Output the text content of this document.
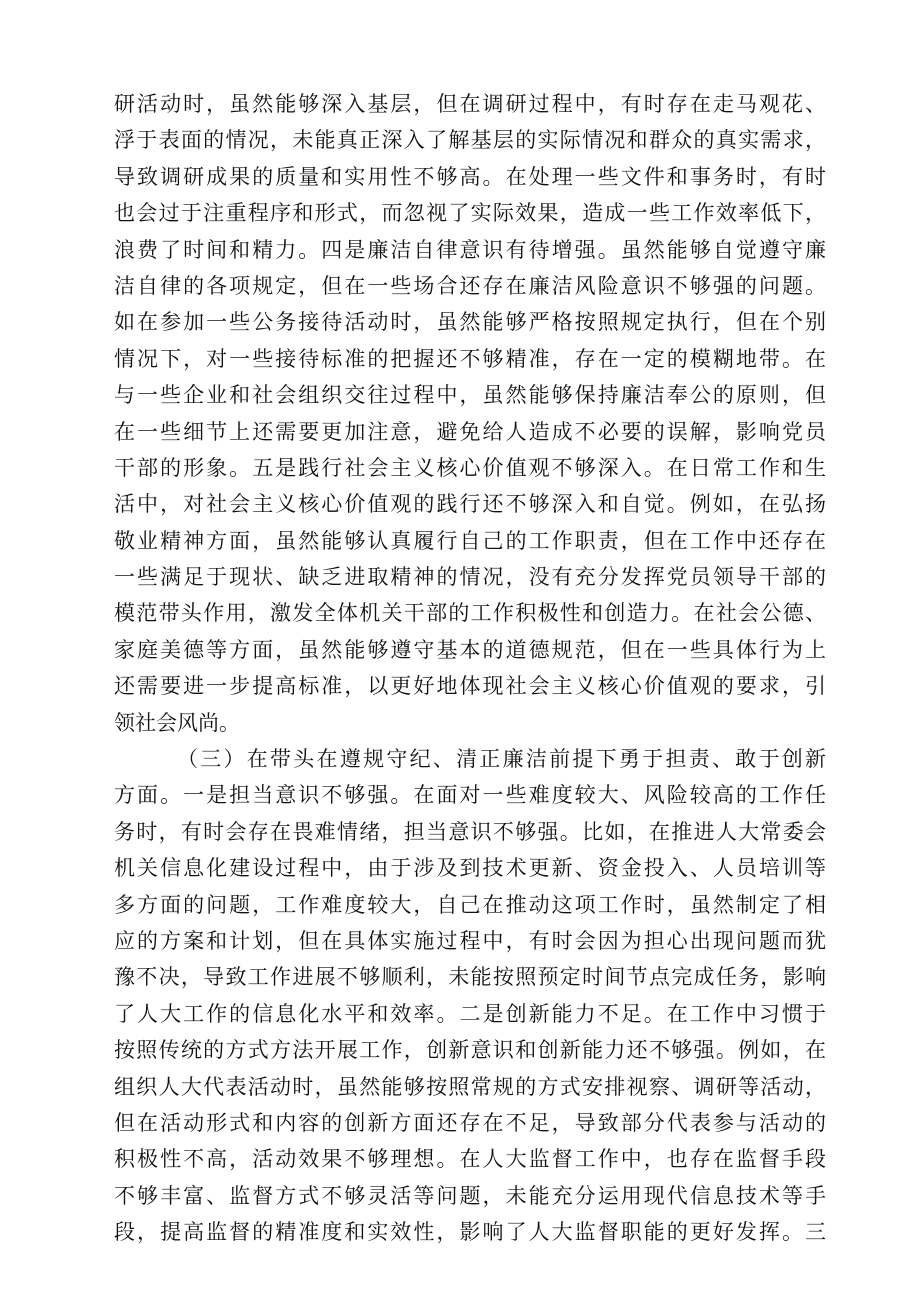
研活动时，虽然能够深入基层，但在调研过程中，有时存在走马观花、
浮于表面的情况，未能真正深入了解基层的实际情况和群众的真实需求，
导致调研成果的质量和实用性不够高。在处理一些文件和事务时，有时
也会过于注重程序和形式，而忽视了实际效果，造成一些工作效率低下，
浪费了时间和精力。四是廉洁自律意识有待增强。虽然能够自觉遵守廉
洁自律的各项规定，但在一些场合还存在廉洁风险意识不够强的问题。
如在参加一些公务接待活动时，虽然能够严格按照规定执行，但在个别
情况下，对一些接待标准的把握还不够精准，存在一定的模糊地带。在
与一些企业和社会组织交往过程中，虽然能够保持廉洁奉公的原则，但
在一些细节上还需要更加注意，避免给人造成不必要的误解，影响党员
干部的形象。五是践行社会主义核心价值观不够深入。在日常工作和生
活中，对社会主义核心价值观的践行还不够深入和自觉。例如，在弘扬
敬业精神方面，虽然能够认真履行自己的工作职责，但在工作中还存在
一些满足于现状、缺乏进取精神的情况，没有充分发挥党员领导干部的
模范带头作用，激发全体机关干部的工作积极性和创造力。在社会公德、
家庭美德等方面，虽然能够遵守基本的道德规范，但在一些具体行为上
还需要进一步提高标准，以更好地体现社会主义核心价值观的要求，引
领社会风尚。
（三）在带头在遵规守纪、清正廉洁前提下勇于担责、敢于创新
方面。一是担当意识不够强。在面对一些难度较大、风险较高的工作任
务时，有时会存在畏难情绪，担当意识不够强。比如，在推进人大常委会
机关信息化建设过程中，由于涉及到技术更新、资金投入、人员培训等
多方面的问题，工作难度较大，自己在推动这项工作时，虽然制定了相
应的方案和计划，但在具体实施过程中，有时会因为担心出现问题而犹
豫不决，导致工作进展不够顺利，未能按照预定时间节点完成任务，影响
了人大工作的信息化水平和效率。二是创新能力不足。在工作中习惯于
按照传统的方式方法开展工作，创新意识和创新能力还不够强。例如，在
组织人大代表活动时，虽然能够按照常规的方式安排视察、调研等活动，
但在活动形式和内容的创新方面还存在不足，导致部分代表参与活动的
积极性不高，活动效果不够理想。在人大监督工作中，也存在监督手段
不够丰富、监督方式不够灵活等问题，未能充分运用现代信息技术等手
段，提高监督的精准度和实效性，影响了人大监督职能的更好发挥。三
